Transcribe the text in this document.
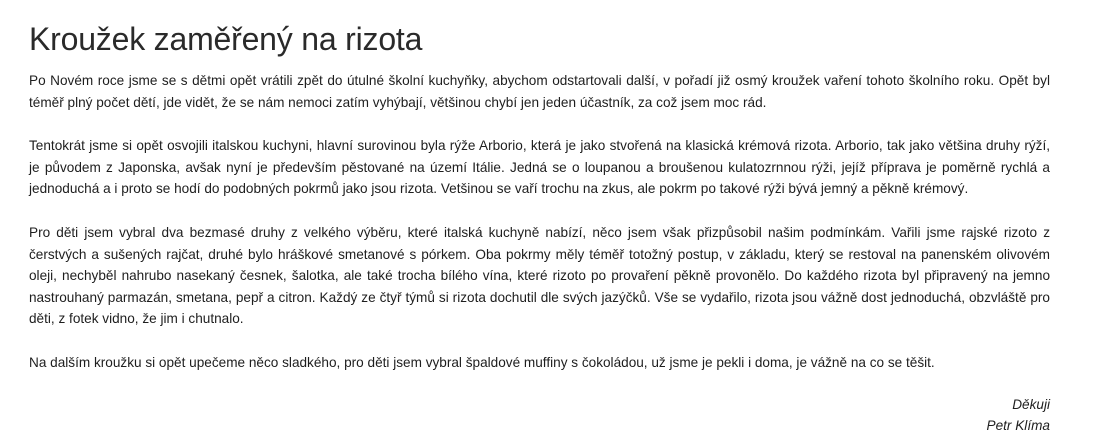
Kroužek zaměřený na rizota

Po Novém roce jsme se s dětmi opět vrátili zpět do útulné školní kuchyňky, abychom odstartovali další, v pořadí již osmý kroužek vaření tohoto školního roku. Opět byl téměř plný počet dětí, jde vidět, že se nám nemoci zatím vyhýbají, většinou chybí jen jeden účastník, za což jsem moc rád.

Tentokrát jsme si opět osvojili italskou kuchyni, hlavní surovinou byla rýže Arborio, která je jako stvořená na klasická krémová rizota. Arborio, tak jako většina druhy rýží, je původem z Japonska, avšak nyní je především pěstované na území Itálie. Jedná se o loupanou a broušenou kulatozrnnou rýži, jejíž příprava je poměrně rychlá a jednoduchá a i proto se hodí do podobných pokrmů jako jsou rizota. Vetšinou se vaří trochu na zkus, ale pokrm po takové rýži bývá jemný a pěkně krémový.

Pro děti jsem vybral dva bezmasé druhy z velkého výběru, které italská kuchyně nabízí, něco jsem však přizpůsobil našim podmínkám. Vařili jsme rajské rizoto z čerstvých a sušených rajčat, druhé bylo hráškové smetanové s pórkem. Oba pokrmy měly téměř totožný postup, v základu, který se restoval na panenském olivovém oleji, nechyběl nahrubo nasekaný česnek, šalotka, ale také trocha bílého vína, které rizoto po provaření pěkně provonělo. Do každého rizota byl připravený na jemno nastrouhaný parmazán, smetana, pepř a citron. Každý ze čtyř týmů si rizota dochutil dle svých jazýčků. Vše se vydařilo, rizota jsou vážně dost jednoduchá, obzvláště pro děti, z fotek vidno, že jim i chutnalo.

Na dalším kroužku si opět upečeme něco sladkého, pro děti jsem vybral špaldové muffiny s čokoládou, už jsme je pekli i doma, je vážně na co se těšit.

Děkuji
Petr Klíma
